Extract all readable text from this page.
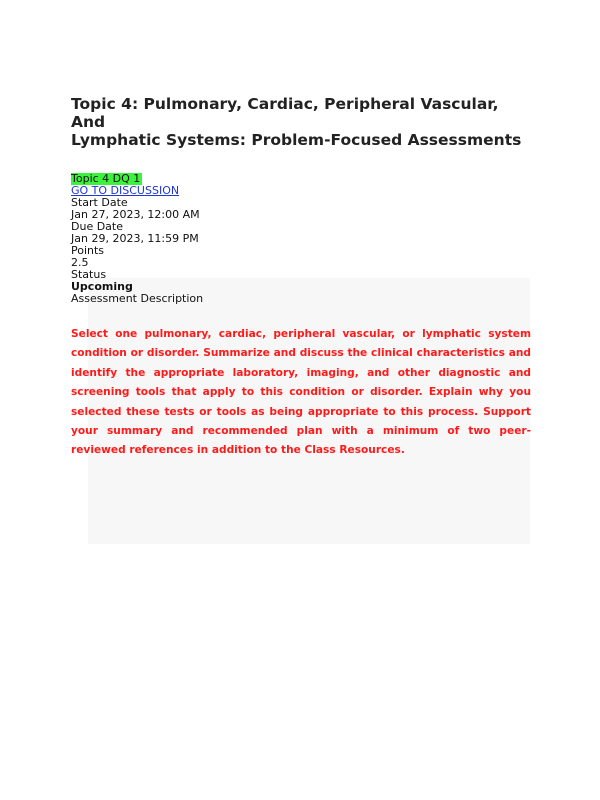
Topic 4: Pulmonary, Cardiac, Peripheral Vascular, And
Lymphatic Systems: Problem-Focused Assessments
Topic 4 DQ 1
GO TO DISCUSSION
Start Date
Jan 27, 2023, 12:00 AM
Due Date
Jan 29, 2023, 11:59 PM
Points
2.5
Status
Upcoming
Assessment Description

Select one pulmonary, cardiac, peripheral vascular, or lymphatic system condition or disorder. Summarize and discuss the clinical characteristics and identify the appropriate laboratory, imaging, and other diagnostic and screening tools that apply to this condition or disorder. Explain why you selected these tests or tools as being appropriate to this process. Support your summary and recommended plan with a minimum of two peer-reviewed references in addition to the Class Resources.
